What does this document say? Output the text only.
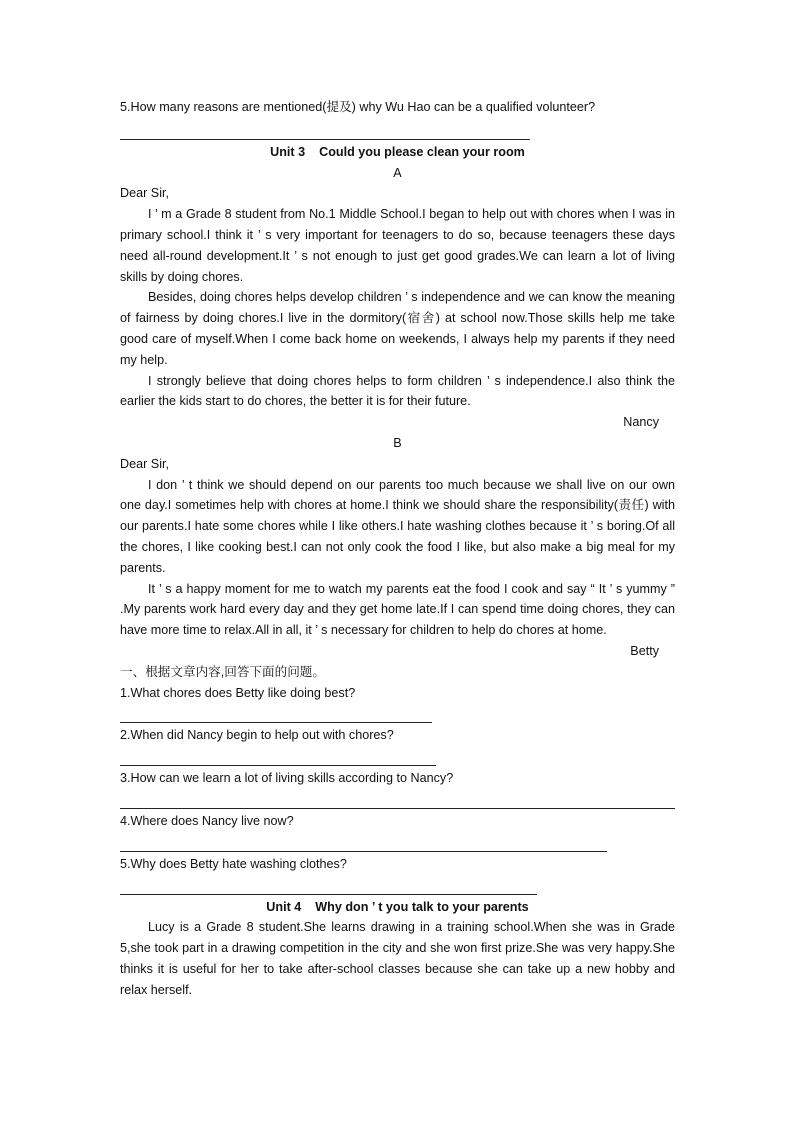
5.How many reasons are mentioned(提及) why Wu Hao can be a qualified volunteer?

Unit 3    Could you please clean your room

A

Dear Sir,

I ’ m a Grade 8 student from No.1 Middle School.I began to help out with chores when I was in primary school.I think it ’ s very important for teenagers to do so, because teenagers these days need all-round development.It ’ s not enough to just get good grades.We can learn a lot of living skills by doing chores.

Besides, doing chores helps develop children ’ s independence and we can know the meaning of fairness by doing chores.I live in the dormitory(宿舍) at school now.Those skills help me take good care of myself.When I come back home on weekends, I always help my parents if they need my help.

I strongly believe that doing chores helps to form children ’ s independence.I also think the earlier the kids start to do chores, the better it is for their future.

Nancy

B

Dear Sir,

I don ’ t think we should depend on our parents too much because we shall live on our own one day.I sometimes help with chores at home.I think we should share the responsibility(责任) with our parents.I hate some chores while I like others.I hate washing clothes because it ’ s boring.Of all the chores, I like cooking best.I can not only cook the food I like, but also make a big meal for my parents.

It ’ s a happy moment for me to watch my parents eat the food I cook and say “ It ’ s yummy ” .My parents work hard every day and they get home late.If I can spend time doing chores, they can have more time to relax.All in all, it ’ s necessary for children to help do chores at home.

Betty

一、根据文章内容,回答下面的问题。

1.What chores does Betty like doing best?

2.When did Nancy begin to help out with chores?

3.How can we learn a lot of living skills according to Nancy?

4.Where does Nancy live now?

5.Why does Betty hate washing clothes?

Unit 4    Why don ’ t you talk to your parents

Lucy is a Grade 8 student.She learns drawing in a training school.When she was in Grade 5,she took part in a drawing competition in the city and she won first prize.She was very happy.She thinks it is useful for her to take after-school classes because she can take up a new hobby and relax herself.
